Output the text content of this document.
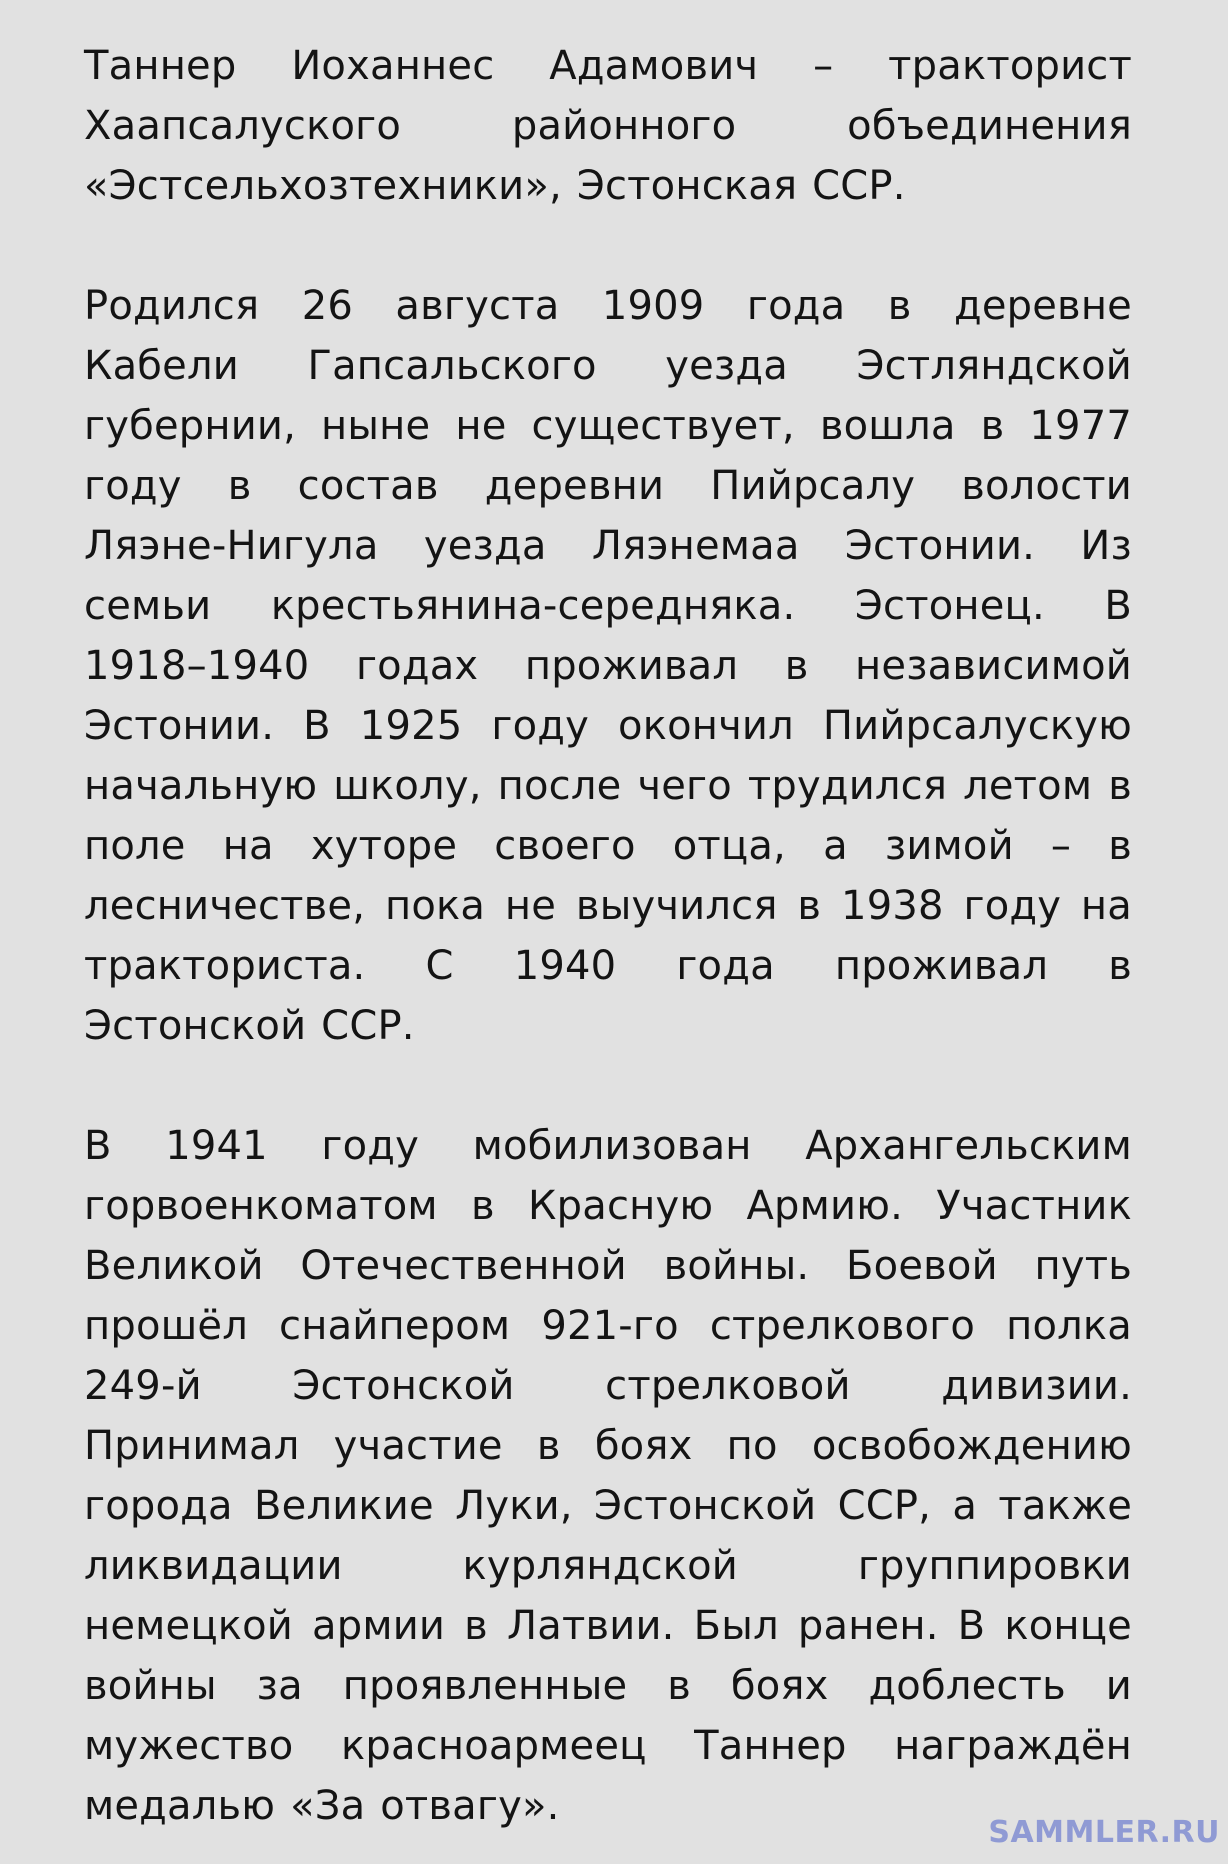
Таннер Иоханнес Адамович – тракторист Хаапсалуского районного объединения «Эстсельхозтехники», Эстонская ССР.

Родился 26 августа 1909 года в деревне Кабели Гапсальского уезда Эстляндской губернии, ныне не существует, вошла в 1977 году в состав деревни Пийрсалу волости Ляэне-Нигула уезда Ляэнемаа Эстонии. Из семьи крестьянина-середняка. Эстонец. В 1918–1940 годах проживал в независимой Эстонии. В 1925 году окончил Пийрсалускую начальную школу, после чего трудился летом в поле на хуторе своего отца, а зимой – в лесничестве, пока не выучился в 1938 году на тракториста. С 1940 года проживал в Эстонской ССР.

В 1941 году мобилизован Архангельским горвоенкоматом в Красную Армию. Участник Великой Отечественной войны. Боевой путь прошёл снайпером 921-го стрелкового полка 249-й Эстонской стрелковой дивизии. Принимал участие в боях по освобождению города Великие Луки, Эстонской ССР, а также ликвидации курляндской группировки немецкой армии в Латвии. Был ранен. В конце войны за проявленные в боях доблесть и мужество красноармеец Таннер награждён медалью «За отвагу».

SAMMLER.RU
